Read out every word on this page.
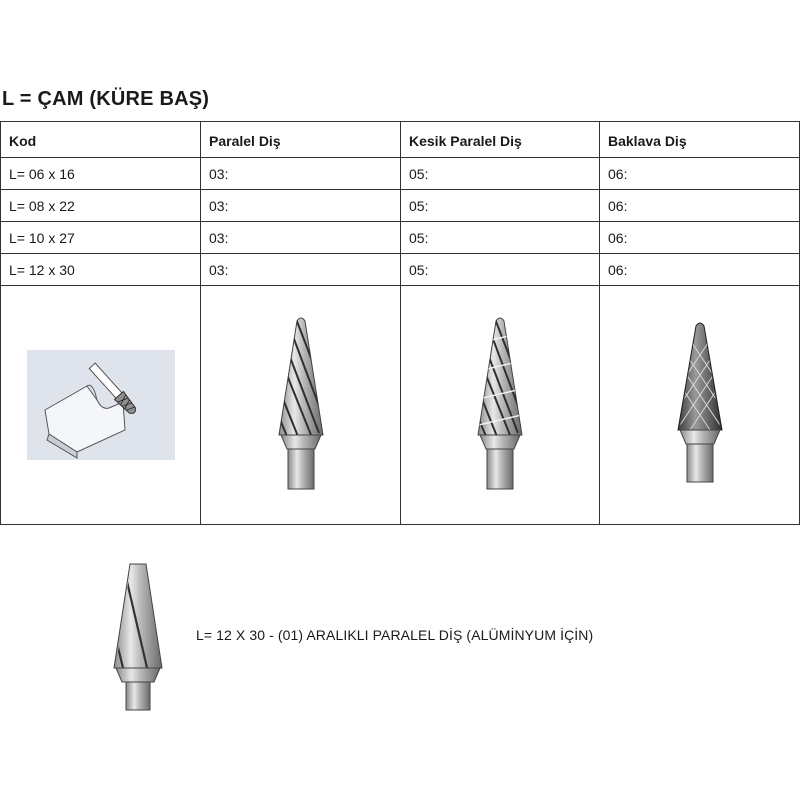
L = ÇAM (KÜRE BAŞ)
Kod	Paralel Diş	Kesik Paralel Diş	Baklava Diş
L= 06 x 16	03:	05:	06:
L= 08 x 22	03:	05:	06:
L= 10 x 27	03:	05:	06:
L= 12 x 30	03:	05:	06:

L= 12 X 30 - (01) ARALIKLI PARALEL DİŞ (ALÜMİNYUM İÇİN)
